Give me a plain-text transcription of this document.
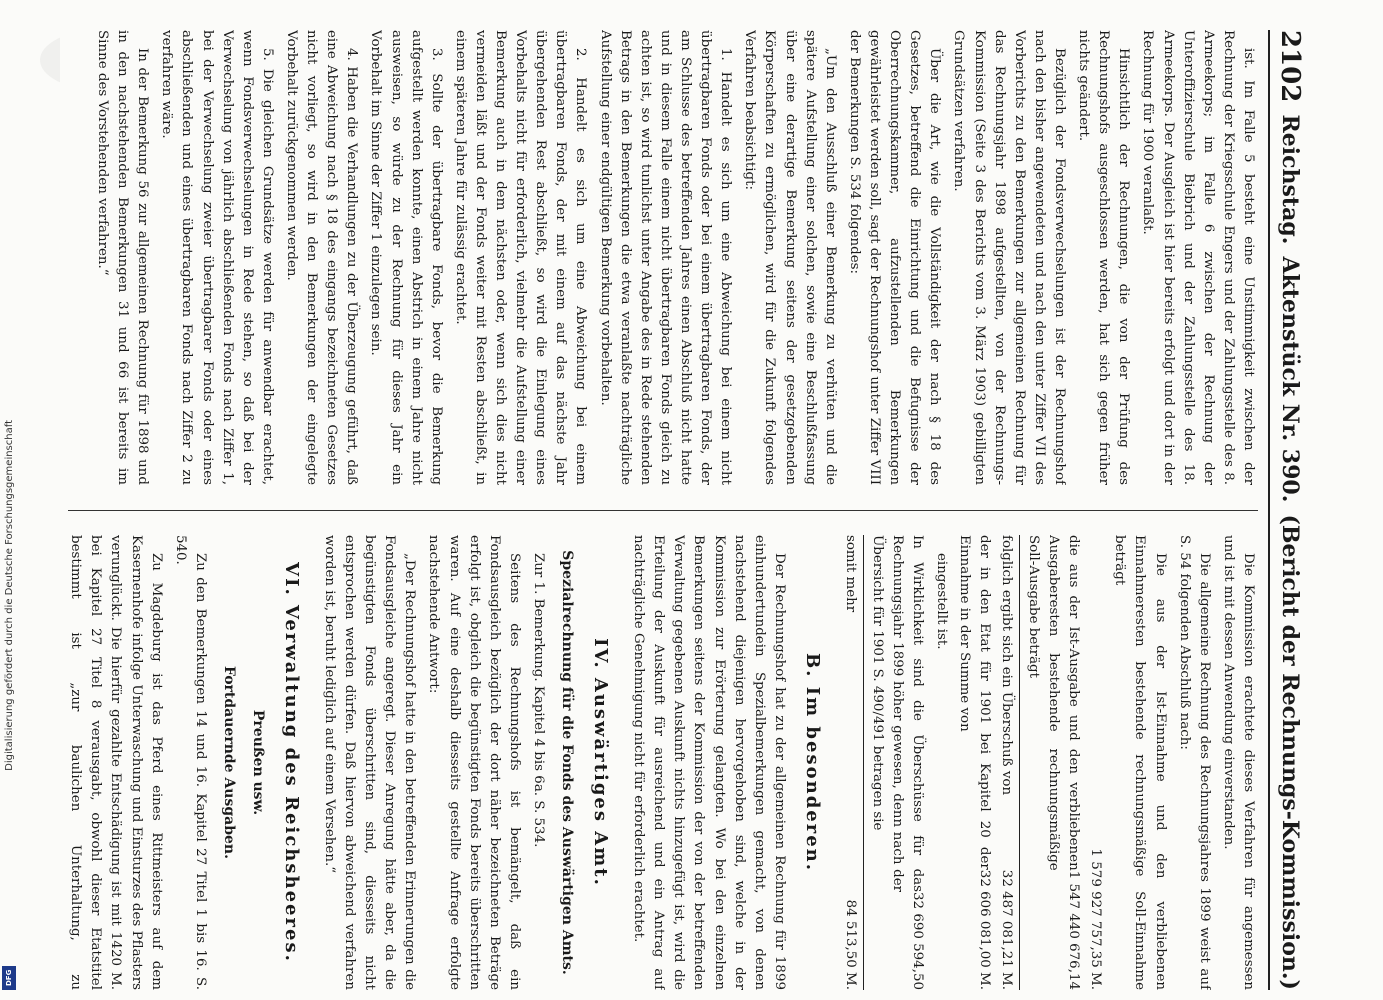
2102
Reichstag.
Aktenstück Nr. 390.
(Bericht der Rechnungs-Kommission.)

ist. Im Falle 5 besteht eine Unstimmigkeit zwischen der Rechnung der Kriegsschule Engers und der Zahlungsstelle des 8. Armeekorps; im Falle 6 zwischen der Rechnung der Unteroffizierschule Biebrich und der Zahlungsstelle des 18. Armeekorps. Der Ausgleich ist hier bereits erfolgt und dort in der Rechnung für 1900 veranlaßt.

Hinsichtlich der Rechnungen, die von der Prüfung des Rechnungshofs ausgeschlossen werden, hat sich gegen früher nichts geändert.

Bezüglich der Fondsverwechselungen ist der Rechnungshof nach den bisher angewendeten und nach den unter Ziffer VII des Vorberichts zu den Bemerkungen zur allgemeinen Rechnung für das Rechnungsjahr 1898 aufgestellten, von der Rechnungs-Kommission (Seite 3 des Berichts vom 3. März 1903) gebilligten Grundsätzen verfahren.

Über die Art, wie die Vollständigkeit der nach § 18 des Gesetzes, betreffend die Einrichtung und die Befugnisse der Oberrechnungskammer, aufzustellenden Bemerkungen gewährleistet werden soll, sagt der Rechnungshof unter Ziffer VIII der Bemerkungen S. 534 folgendes:

„Um den Ausschluß einer Bemerkung zu verhüten und die spätere Aufstellung einer solchen, sowie eine Beschlußfassung über eine derartige Bemerkung seitens der gesetzgebenden Körperschaften zu ermöglichen, wird für die Zukunft folgendes Verfahren beabsichtigt:

1. Handelt es sich um eine Abweichung bei einem nicht übertragbaren Fonds oder bei einem übertragbaren Fonds, der am Schlusse des betreffenden Jahres einen Abschluß nicht hatte und in diesem Falle einem nicht übertragbaren Fonds gleich zu achten ist, so wird tunlichst unter Angabe des in Rede stehenden Betrags in den Bemerkungen die etwa veranlaßte nachträgliche Aufstellung einer endgültigen Bemerkung vorbehalten.

2. Handelt es sich um eine Abweichung bei einem übertragbaren Fonds, der mit einem auf das nächste Jahr übergehenden Rest abschließt, so wird die Einlegung eines Vorbehalts nicht für erforderlich, vielmehr die Aufstellung einer Bemerkung auch in dem nächsten oder, wenn sich dies nicht vermeiden läßt und der Fonds weiter mit Resten abschließt, in einem späteren Jahre für zulässig erachtet.

3. Sollte der übertragbare Fonds, bevor die Bemerkung aufgestellt werden konnte, einen Abstrich in einem Jahre nicht ausweisen, so würde zu der Rechnung für dieses Jahr ein Vorbehalt im Sinne der Ziffer 1 einzulegen sein.

4. Haben die Verhandlungen zu der Überzeugung geführt, daß eine Abweichung nach § 18 des eingangs bezeichneten Gesetzes nicht vorliegt, so wird in den Bemerkungen der eingelegte Vorbehalt zurückgenommen werden.

5. Die gleichen Grundsätze werden für anwendbar erachtet, wenn Fondsverwechselungen in Rede stehen, so daß bei der Verwechselung von jährlich abschließenden Fonds nach Ziffer 1, bei der Verwechselung zweier übertragbarer Fonds oder eines abschließenden und eines übertragbaren Fonds nach Ziffer 2 zu verfahren wäre.

In der Bemerkung 56 zur allgemeinen Rechnung für 1898 und in den nachstehenden Bemerkungen 31 und 66 ist bereits im Sinne des Vorstehenden verfahren.“

Die Kommission erachtete dieses Verfahren für angemessen und ist mit dessen Anwendung einverstanden.

Die allgemeine Rechnung des Rechnungsjahres 1899 weist auf S. 54 folgenden Abschluß nach:

Die aus der Ist-Einnahme und den verbliebenen Einnahmeresten bestehende rechnungsmäßige Soll-Einnahme beträgt

1 579 927 757,35 M.
die aus der Ist-Ausgabe und den verbliebenen Ausgaberesten bestehende rechnungsmäßige Soll-Ausgabe beträgt
1 547 440 676,14
folglich ergibt sich ein Überschuß von
32 487 081,21 M.
der in den Etat für 1901 bei Kapitel 20 der Einnahme in der Summe von
32 606 081,00 M.

eingestellt ist.

In Wirklichkeit sind die Überschüsse für das Rechnungsjahr 1899 höher gewesen, denn nach der Übersicht für 1901 S. 490/491 betragen sie
32 690 594,50
somit mehr
84 513,50 M.
B. Im besonderen.

Der Rechnungshof hat zu der allgemeinen Rechnung für 1899 einhundertundein Spezialbemerkungen gemacht, von denen nachstehend diejenigen hervorgehoben sind, welche in der Kommission zur Erörterung gelangten. Wo bei den einzelnen Bemerkungen seitens der Kommission der von der betreffenden Verwaltung gegebenen Auskunft nichts hinzugefügt ist, wird die Erteilung der Auskunft für ausreichend und ein Antrag auf nachträgliche Genehmigung nicht für erforderlich erachtet.

IV. Auswärtiges Amt.
Spezialrechnung für die Fonds des Auswärtigen Amts.

Zur 1. Bemerkung. Kapitel 4 bis 6a. S. 534.

Seitens des Rechnungshofs ist bemängelt, daß ein Fondsausgleich bezüglich der dort näher bezeichneten Beträge erfolgt ist, obgleich die begünstigten Fonds bereits überschritten waren. Auf eine deshalb diesseits gestellte Anfrage erfolgte nachstehende Antwort:

„Der Rechnungshof hatte in den betreffenden Erinnerungen die Fondsausgleiche angeregt. Dieser Anregung hätte aber, da die begünstigten Fonds überschritten sind, diesseits nicht entsprochen werden dürfen. Daß hiervon abweichend verfahren worden ist, beruht lediglich auf einem Versehen.“

VI. Verwaltung des Reichsheeres.
Preußen usw.
Fortdauernde Ausgaben.

Zu den Bemerkungen 14 und 16. Kapitel 27 Titel 1 bis 16. S. 540.

Zu Magdeburg ist das Pferd eines Rittmeisters auf dem Kasernenhofe infolge Unterwaschung und Einsturzes des Pflasters verunglückt. Die hierfür gezahlte Entschädigung ist mit 1420 M. bei Kapitel 27 Titel 8 verausgabt, obwohl dieser Etatstitel bestimmt ist „zur baulichen Unterhaltung, zu

Digitalisierung gefördert durch die Deutsche Forschungsgemeinschaft
DFG
